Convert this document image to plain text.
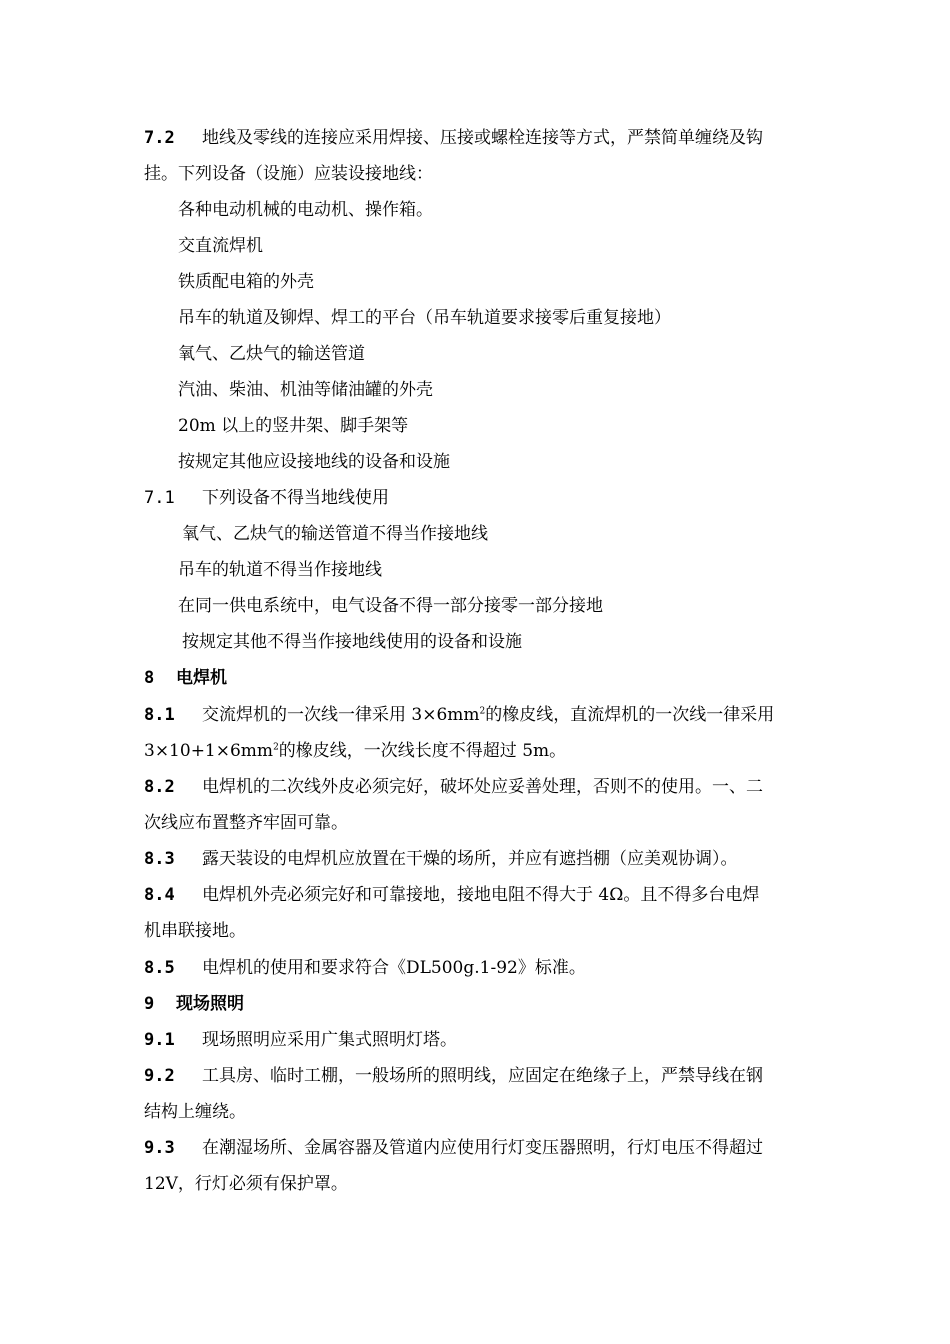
7.2 地线及零线的连接应采用焊接、压接或螺栓连接等方式，严禁简单缠绕及钩
挂。下列设备（设施）应装设接地线：
各种电动机械的电动机、操作箱。
交直流焊机
铁质配电箱的外壳
吊车的轨道及铆焊、焊工的平台（吊车轨道要求接零后重复接地）
氧气、乙炔气的输送管道
汽油、柴油、机油等储油罐的外壳
20m 以上的竖井架、脚手架等
按规定其他应设接地线的设备和设施
7.1 下列设备不得当地线使用
氧气、乙炔气的输送管道不得当作接地线
吊车的轨道不得当作接地线
在同一供电系统中，电气设备不得一部分接零一部分接地
按规定其他不得当作接地线使用的设备和设施
8 电焊机
8.1 交流焊机的一次线一律采用 $3\times 6mm^2$的橡皮线，直流焊机的一次线一律采用
$3\times 10+1\times 6mm^2$的橡皮线，一次线长度不得超过 5m。
8.2 电焊机的二次线外皮必须完好，破坏处应妥善处理，否则不的使用。一、二
次线应布置整齐牢固可靠。
8.3 露天装设的电焊机应放置在干燥的场所，并应有遮挡棚（应美观协调）。
8.4 电焊机外壳必须完好和可靠接地，接地电阻不得大于 4Ω。且不得多台电焊
机串联接地。
8.5 电焊机的使用和要求符合《DL500g.1-92》标准。
9 现场照明
9.1 现场照明应采用广集式照明灯塔。
9.2 工具房、临时工棚，一般场所的照明线，应固定在绝缘子上，严禁导线在钢
结构上缠绕。
9.3 在潮湿场所、金属容器及管道内应使用行灯变压器照明，行灯电压不得超过
12V，行灯必须有保护罩。
